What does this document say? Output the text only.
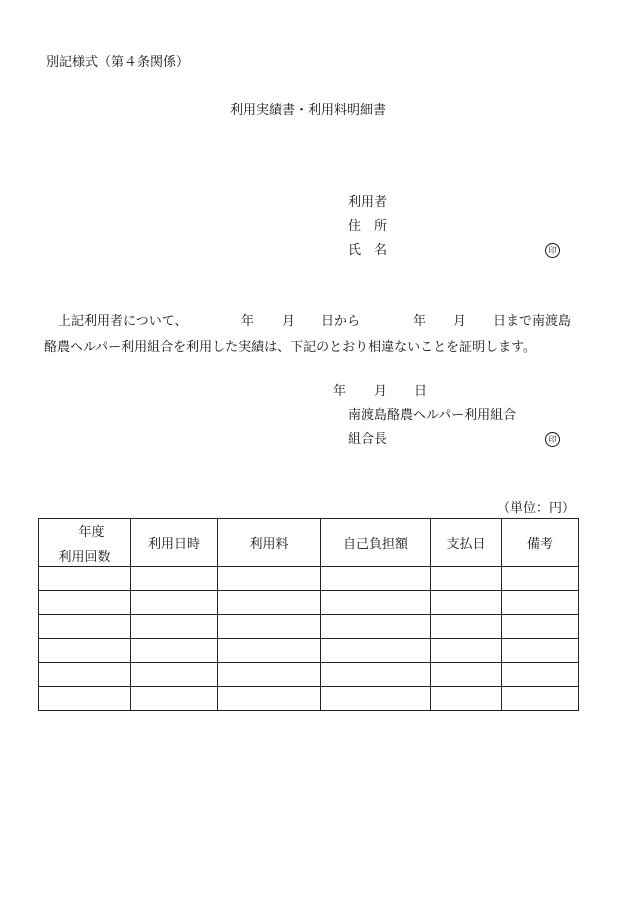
別記様式（第４条関係）
利用実績書・利用料明細書
利用者
住　所
氏　名	印
上記利用者について、	年 月 日から	年 月 日まで南渡島
酪農ヘルパー利用組合を利用した実績は、下記のとおり相違ないことを証明します。
年 月 日
南渡島酪農ヘルパー利用組合
組合長	印
（単位：円）
年度
利用回数	利用日時	利用料	自己負担額	支払日	備考
